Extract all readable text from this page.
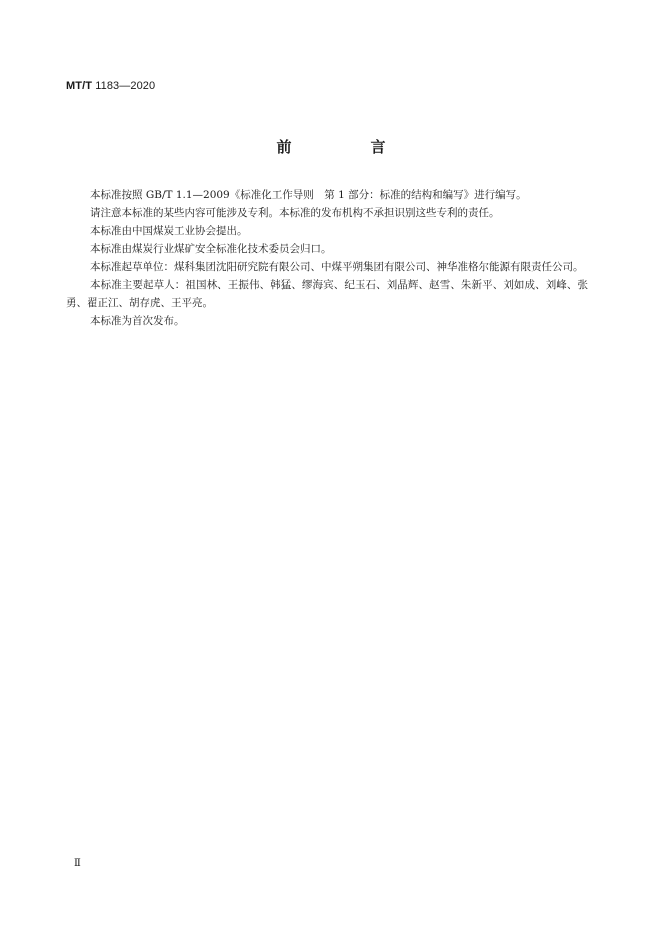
MT/T 1183—2020
前　言

本标准按照 GB/T 1.1—2009《标准化工作导则　第 1 部分：标准的结构和编写》进行编写。

请注意本标准的某些内容可能涉及专利。本标准的发布机构不承担识别这些专利的责任。

本标准由中国煤炭工业协会提出。

本标准由煤炭行业煤矿安全标准化技术委员会归口。

本标准起草单位：煤科集团沈阳研究院有限公司、中煤平朔集团有限公司、神华准格尔能源有限责任公司。

本标准主要起草人：祖国林、王振伟、韩猛、缪海宾、纪玉石、刘晶辉、赵雪、朱新平、刘如成、刘峰、张勇、翟正江、胡存虎、王平亮。

本标准为首次发布。

Ⅱ
